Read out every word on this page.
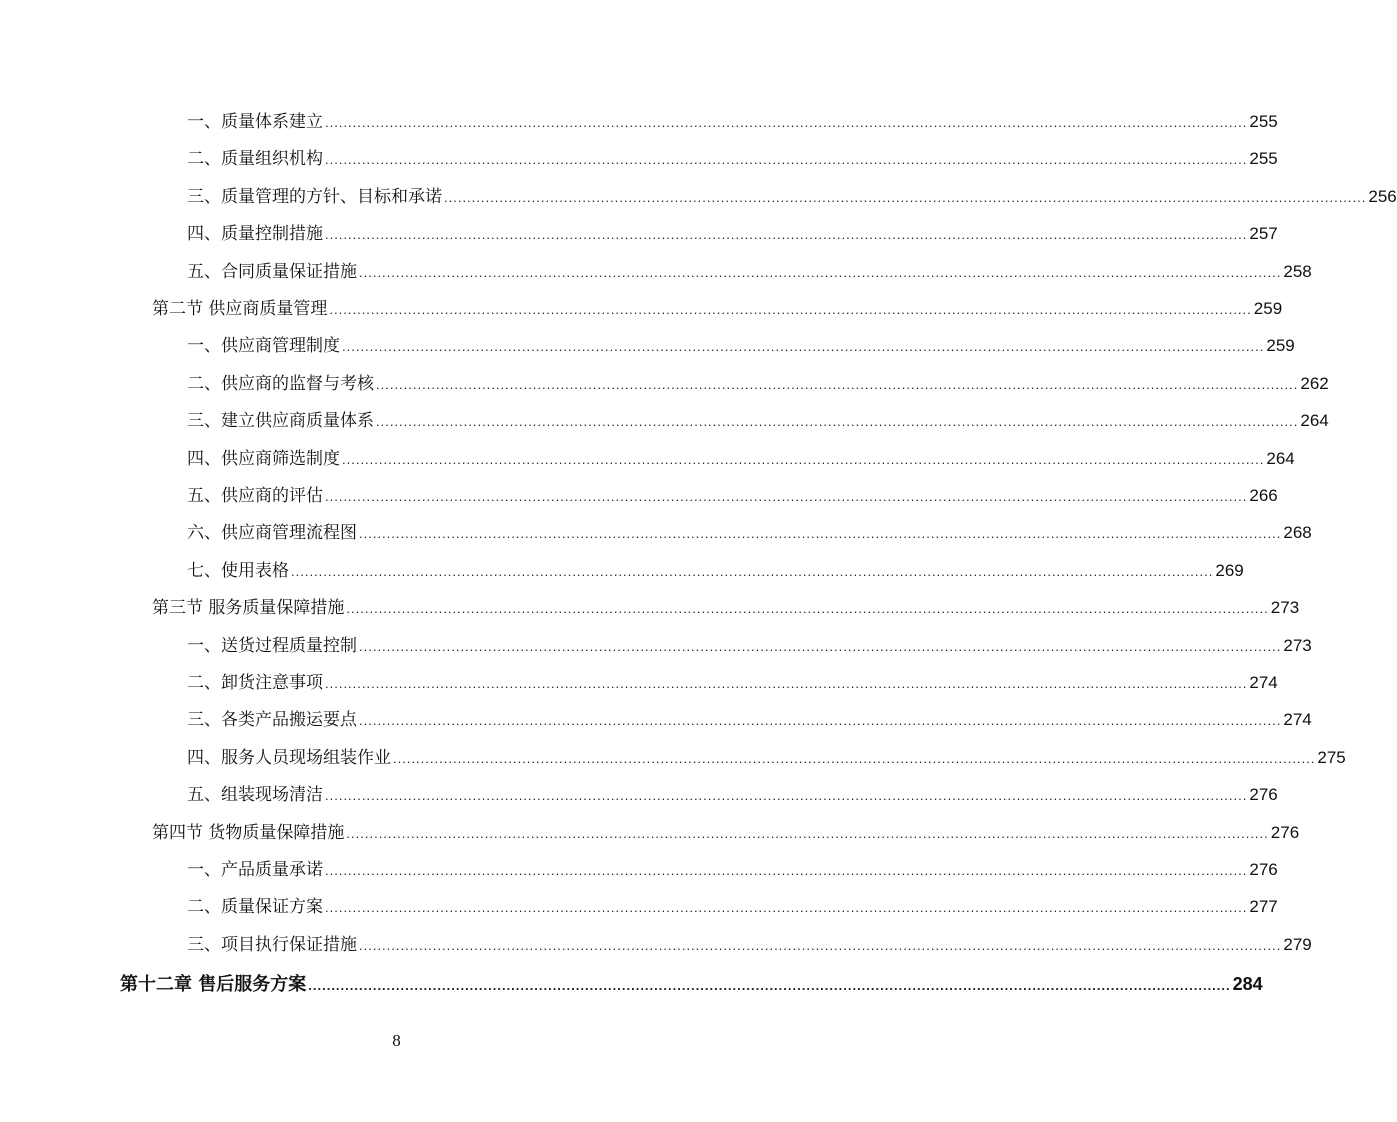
一、质量体系建立 ........................................................................................................................................................................................................ 255
二、质量组织机构 ........................................................................................................................................................................................................ 255
三、质量管理的方针、目标和承诺 ........................................................................................................................................................................................................ 256
四、质量控制措施 ........................................................................................................................................................................................................ 257
五、合同质量保证措施 ........................................................................................................................................................................................................ 258
第二节 供应商质量管理 ........................................................................................................................................................................................................ 259
一、供应商管理制度 ........................................................................................................................................................................................................ 259
二、供应商的监督与考核 ........................................................................................................................................................................................................ 262
三、建立供应商质量体系 ........................................................................................................................................................................................................ 264
四、供应商筛选制度 ........................................................................................................................................................................................................ 264
五、供应商的评估 ........................................................................................................................................................................................................ 266
六、供应商管理流程图 ........................................................................................................................................................................................................ 268
七、使用表格 ........................................................................................................................................................................................................ 269
第三节 服务质量保障措施 ........................................................................................................................................................................................................ 273
一、送货过程质量控制 ........................................................................................................................................................................................................ 273
二、卸货注意事项 ........................................................................................................................................................................................................ 274
三、各类产品搬运要点 ........................................................................................................................................................................................................ 274
四、服务人员现场组装作业 ........................................................................................................................................................................................................ 275
五、组装现场清洁 ........................................................................................................................................................................................................ 276
第四节 货物质量保障措施 ........................................................................................................................................................................................................ 276
一、产品质量承诺 ........................................................................................................................................................................................................ 276
二、质量保证方案 ........................................................................................................................................................................................................ 277
三、项目执行保证措施 ........................................................................................................................................................................................................ 279
第十二章 售后服务方案 ........................................................................................................................................................................................................ 284
8
